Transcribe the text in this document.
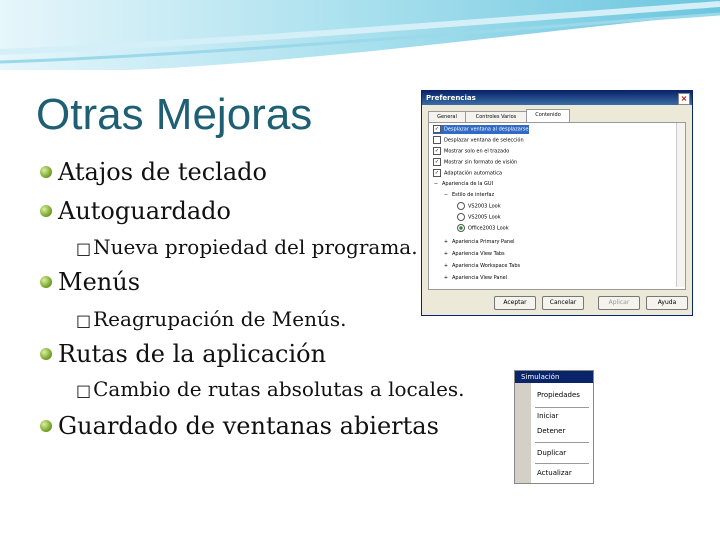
Otras Mejoras
Atajos de teclado
Autoguardado
□ Nueva propiedad del programa.
Menús
□ Reagrupación de Menús.
Rutas de la aplicación
□ Cambio de rutas absolutas a locales.
Guardado de ventanas abiertas
Preferencias	×
General	Controles Varios	Contenido
✓ Desplazar ventana al desplazarse
Desplazar ventana de selección
✓ Mostrar solo en el trazado
✓ Mostrar sin formato de visión
✓ Adaptación automatica
− Apariencia de la GUI
− Estilo de interfaz
VS2003 Look
VS2005 Look
Office2003 Look
+ Apariencia Primary Panel
+ Apariencia View Tabs
+ Apariencia Workspace Tabs
+ Apariencia View Panel
Aceptar	Cancelar	Aplicar	Ayuda
Simulación
Propiedades
Iniciar
Detener
Duplicar
Actualizar
